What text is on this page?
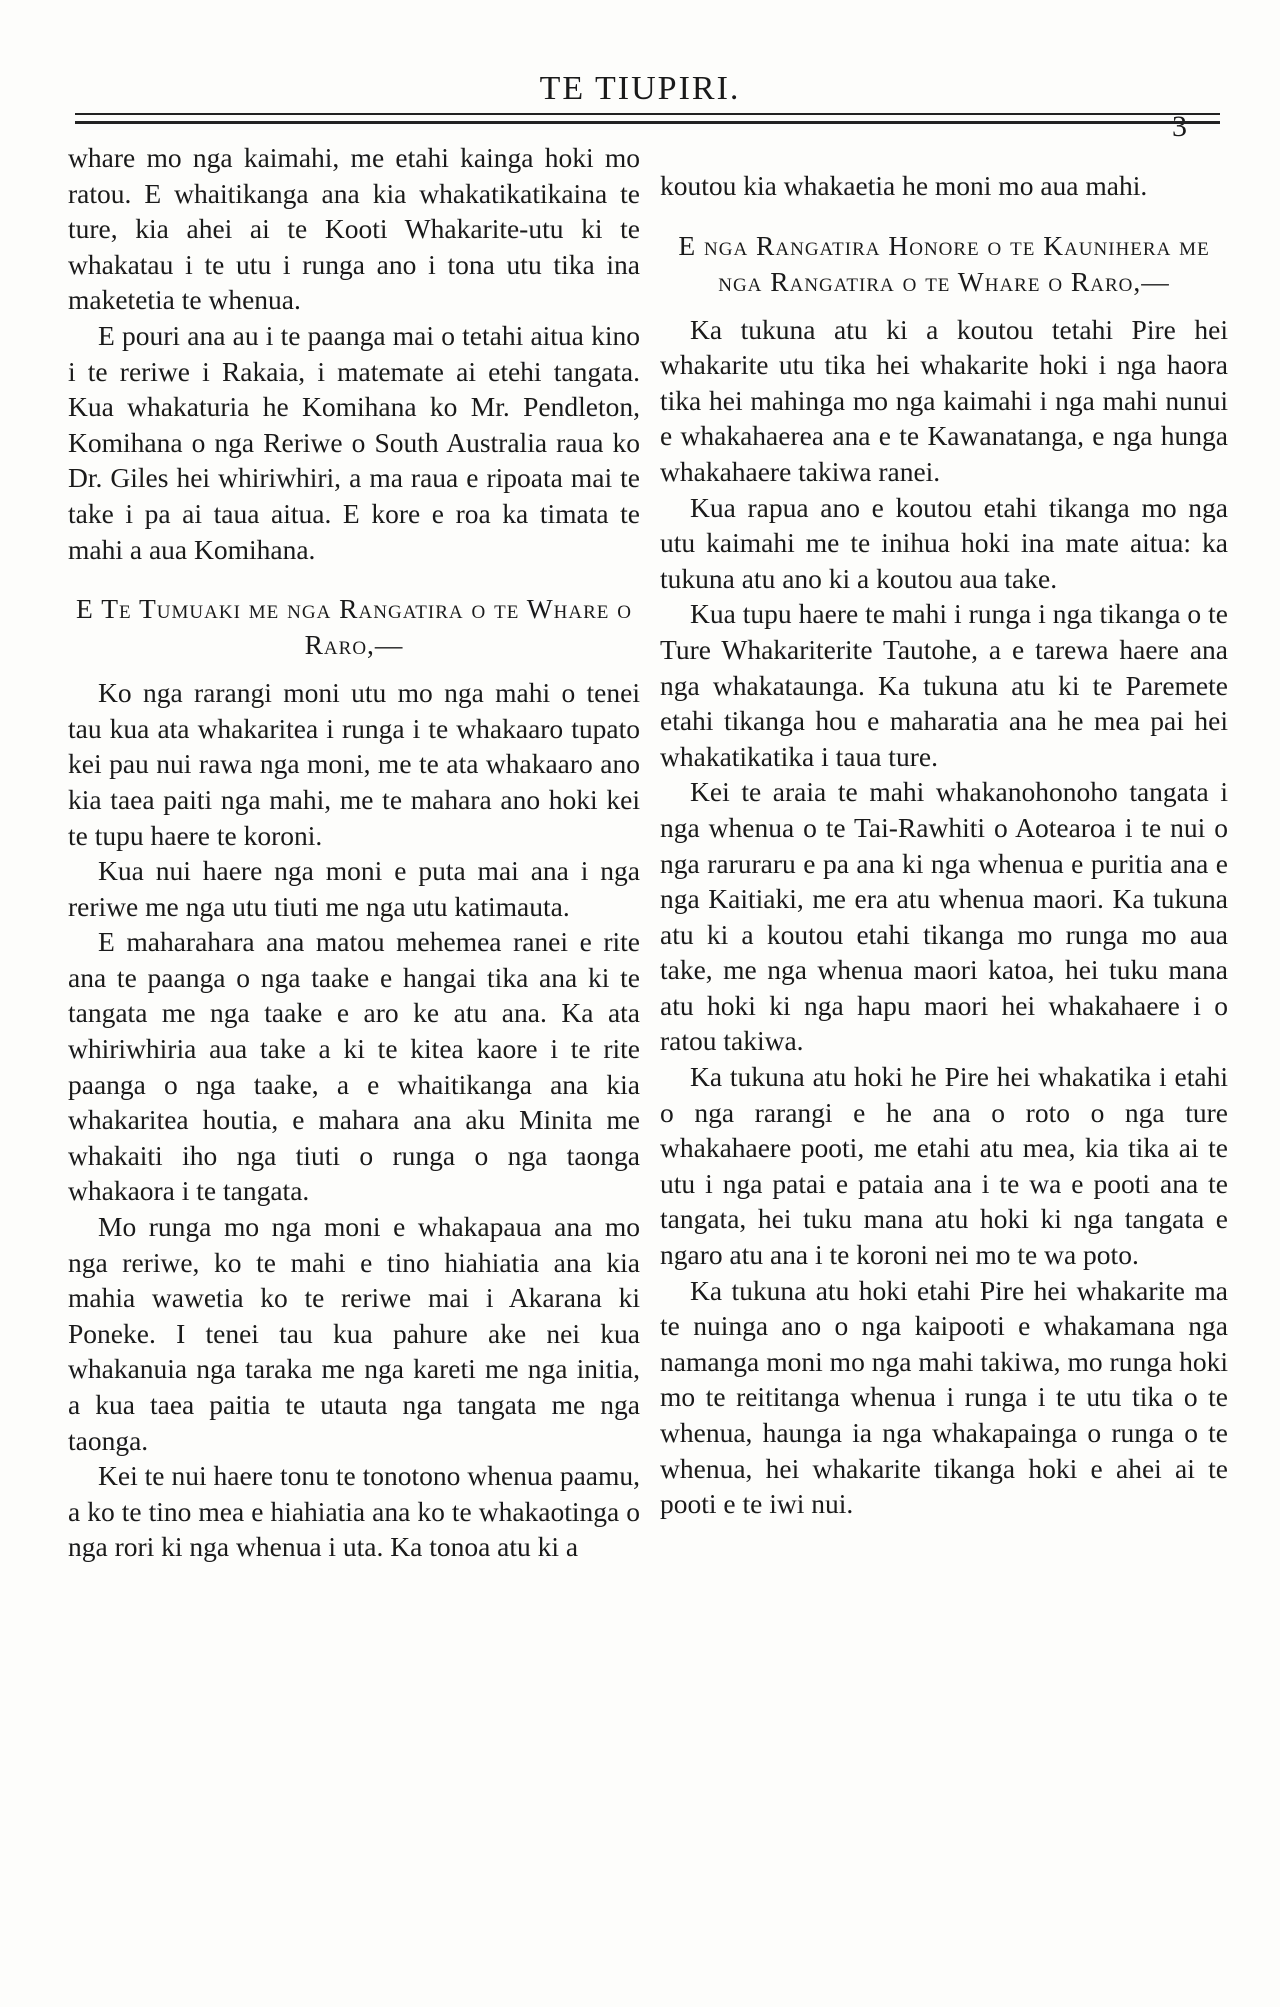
TE TIUPIRI.
3

whare mo nga kaimahi, me etahi kainga hoki mo ratou. E whaitikanga ana kia whakatikatikaina te ture, kia ahei ai te Kooti Whakarite-utu ki te whakatau i te utu i runga ano i tona utu tika ina maketetia te whenua.

E pouri ana au i te paanga mai o tetahi aitua kino i te reriwe i Rakaia, i matemate ai etehi tangata. Kua whakaturia he Komihana ko Mr. Pendleton, Komihana o nga Reriwe o South Australia raua ko Dr. Giles hei whiriwhiri, a ma raua e ripoata mai te take i pa ai taua aitua. E kore e roa ka timata te mahi a aua Komihana.

E Te Tumuaki me nga Rangatira o te Whare o Raro,—

Ko nga rarangi moni utu mo nga mahi o tenei tau kua ata whakaritea i runga i te whakaaro tupato kei pau nui rawa nga moni, me te ata whakaaro ano kia taea paiti nga mahi, me te mahara ano hoki kei te tupu haere te koroni.

Kua nui haere nga moni e puta mai ana i nga reriwe me nga utu tiuti me nga utu katimauta.

E maharahara ana matou mehemea ranei e rite ana te paanga o nga taake e hangai tika ana ki te tangata me nga taake e aro ke atu ana. Ka ata whiriwhiria aua take a ki te kitea kaore i te rite paanga o nga taake, a e whaitikanga ana kia whakaritea houtia, e mahara ana aku Minita me whakaiti iho nga tiuti o runga o nga taonga whakaora i te tangata.

Mo runga mo nga moni e whakapaua ana mo nga reriwe, ko te mahi e tino hiahiatia ana kia mahia wawetia ko te reriwe mai i Akarana ki Poneke. I tenei tau kua pahure ake nei kua whakanuia nga taraka me nga kareti me nga initia, a kua taea paitia te utauta nga tangata me nga taonga.

Kei te nui haere tonu te tonotono whenua paamu, a ko te tino mea e hiahiatia ana ko te whakaotinga o nga rori ki nga whenua i uta. Ka tonoa atu ki a

koutou kia whakaetia he moni mo aua mahi.

E nga Rangatira Honore o te Kaunihera me nga Rangatira o te Whare o Raro,—

Ka tukuna atu ki a koutou tetahi Pire hei whakarite utu tika hei whakarite hoki i nga haora tika hei mahinga mo nga kaimahi i nga mahi nunui e whakahaerea ana e te Kawanatanga, e nga hunga whakahaere takiwa ranei.

Kua rapua ano e koutou etahi tikanga mo nga utu kaimahi me te inihua hoki ina mate aitua: ka tukuna atu ano ki a koutou aua take.

Kua tupu haere te mahi i runga i nga tikanga o te Ture Whakariterite Tautohe, a e tarewa haere ana nga whakataunga. Ka tukuna atu ki te Paremete etahi tikanga hou e maharatia ana he mea pai hei whakatikatika i taua ture.

Kei te araia te mahi whakanohonoho tangata i nga whenua o te Tai-Rawhiti o Aotearoa i te nui o nga raruraru e pa ana ki nga whenua e puritia ana e nga Kaitiaki, me era atu whenua maori. Ka tukuna atu ki a koutou etahi tikanga mo runga mo aua take, me nga whenua maori katoa, hei tuku mana atu hoki ki nga hapu maori hei whakahaere i o ratou takiwa.

Ka tukuna atu hoki he Pire hei whakatika i etahi o nga rarangi e he ana o roto o nga ture whakahaere pooti, me etahi atu mea, kia tika ai te utu i nga patai e pataia ana i te wa e pooti ana te tangata, hei tuku mana atu hoki ki nga tangata e ngaro atu ana i te koroni nei mo te wa poto.

Ka tukuna atu hoki etahi Pire hei whakarite ma te nuinga ano o nga kaipooti e whakamana nga namanga moni mo nga mahi takiwa, mo runga hoki mo te reititanga whenua i runga i te utu tika o te whenua, haunga ia nga whakapainga o runga o te whenua, hei whakarite tikanga hoki e ahei ai te pooti e te iwi nui.
